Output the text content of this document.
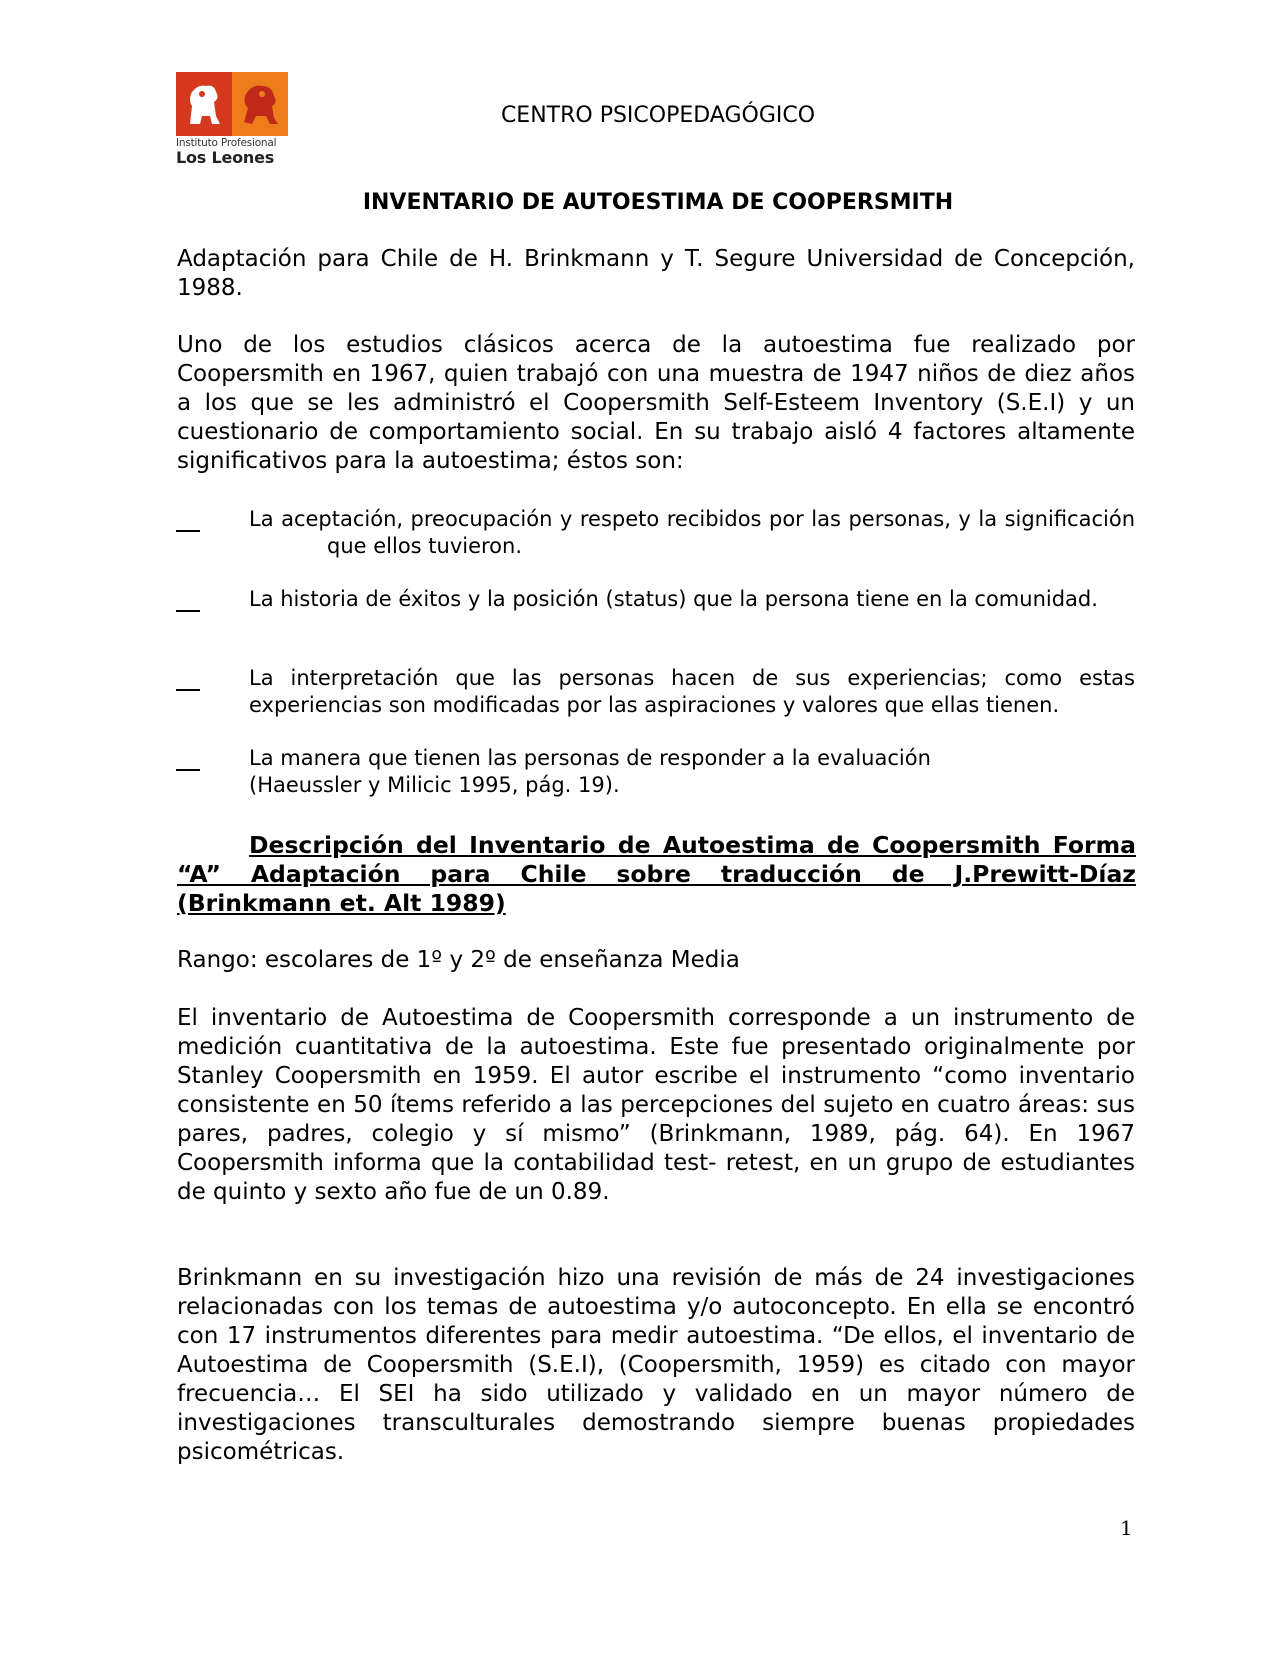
Instituto Profesional
Los Leones
CENTRO PSICOPEDAGÓGICO
INVENTARIO DE AUTOESTIMA DE COOPERSMITH
Adaptación para Chile de H. Brinkmann y T. Segure Universidad de Concepción, 1988.
Uno de los estudios clásicos acerca de la autoestima fue realizado por Coopersmith en 1967, quien trabajó con una muestra de 1947 niños de diez años a los que se les administró el Coopersmith Self-Esteem Inventory (S.E.I) y un cuestionario de comportamiento social. En su trabajo aisló 4 factores altamente significativos para la autoestima; éstos son:
La aceptación, preocupación y respeto recibidos por las personas, y la significaciónque ellos tuvieron.
La historia de éxitos y la posición (status) que la persona tiene en la comunidad.
La interpretación que las personas hacen de sus experiencias; como estas experiencias son modificadas por las aspiraciones y valores que ellas tienen.
La manera que tienen las personas de responder a la evaluación
(Haeussler y Milicic 1995, pág. 19).
Descripción del Inventario de Autoestima de Coopersmith Forma “A” Adaptación para Chile sobre traducción de J.Prewitt-Díaz (Brinkmann et. Alt 1989)
Rango: escolares de 1º y 2º de enseñanza Media
El inventario de Autoestima de Coopersmith corresponde a un instrumento de medición cuantitativa de la autoestima. Este fue presentado originalmente por Stanley Coopersmith en 1959. El autor escribe el instrumento “como inventario consistente en 50 ítems referido a las percepciones del sujeto en cuatro áreas: sus pares, padres, colegio y sí mismo” (Brinkmann, 1989, pág. 64). En 1967 Coopersmith informa que la contabilidad test- retest, en un grupo de estudiantes de quinto y sexto año fue de un 0.89.
Brinkmann en su investigación hizo una revisión de más de 24 investigaciones relacionadas con los temas de autoestima y/o autoconcepto. En ella se encontró con 17 instrumentos diferentes para medir autoestima. “De ellos, el inventario de Autoestima de Coopersmith (S.E.I), (Coopersmith, 1959) es citado con mayor frecuencia… El SEI ha sido utilizado y validado en un mayor número de investigaciones transculturales demostrando siempre buenas propiedades psicométricas.
1
